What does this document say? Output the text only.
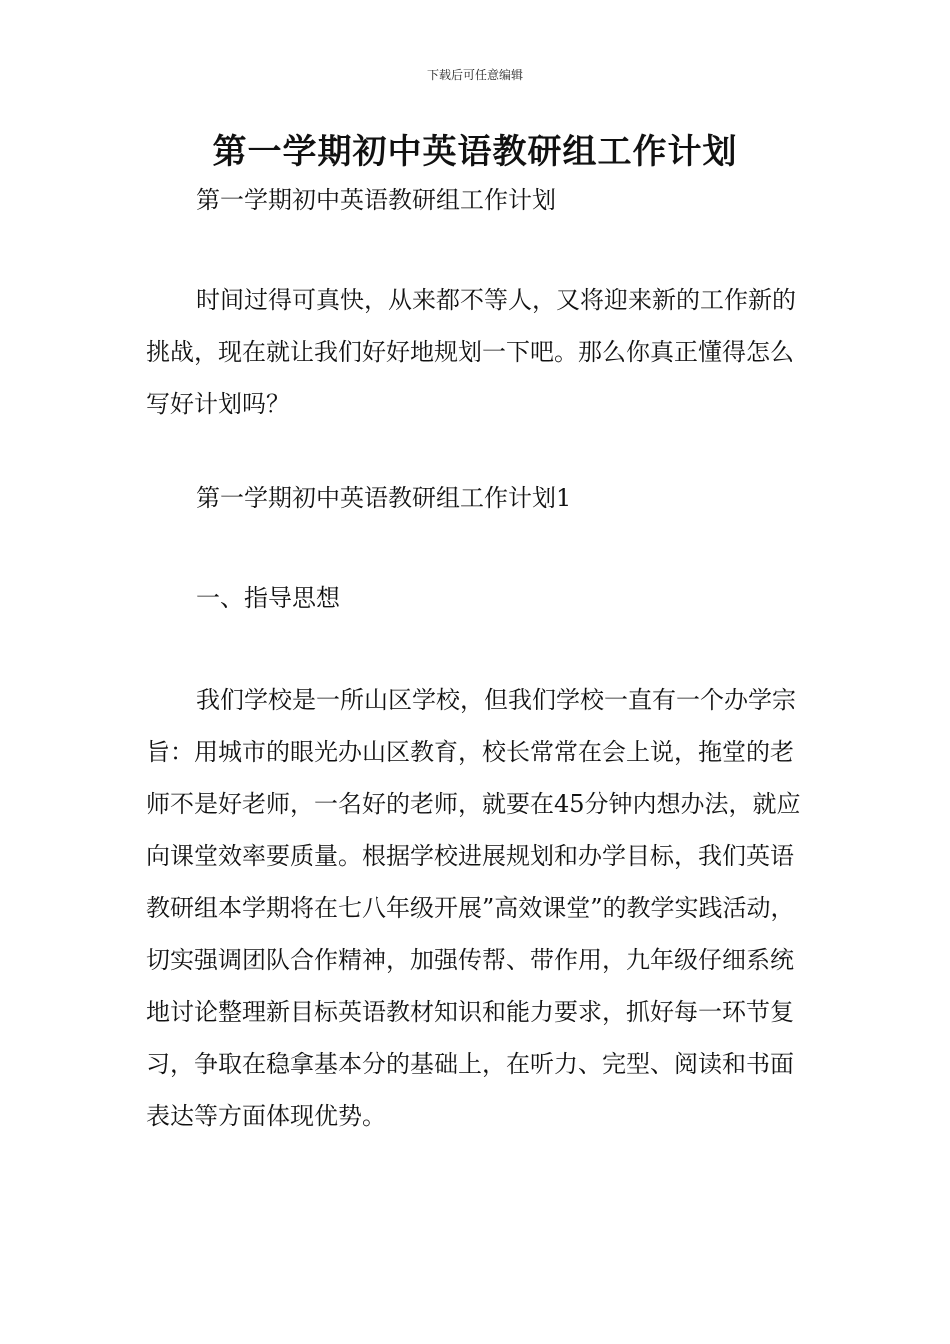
下载后可任意编辑
第一学期初中英语教研组工作计划

第一学期初中英语教研组工作计划

时间过得可真快，从来都不等人，又将迎来新的工作新的挑战，现在就让我们好好地规划一下吧。那么你真正懂得怎么写好计划吗？

第一学期初中英语教研组工作计划1

一、指导思想

我们学校是一所山区学校，但我们学校一直有一个办学宗旨：用城市的眼光办山区教育，校长常常在会上说，拖堂的老师不是好老师，一名好的老师，就要在45分钟内想办法，就应向课堂效率要质量。根据学校进展规划和办学目标，我们英语教研组本学期将在七八年级开展”高效课堂”的教学实践活动，切实强调团队合作精神，加强传帮、带作用，九年级仔细系统地讨论整理新目标英语教材知识和能力要求，抓好每一环节复习，争取在稳拿基本分的基础上，在听力、完型、阅读和书面表达等方面体现优势。
